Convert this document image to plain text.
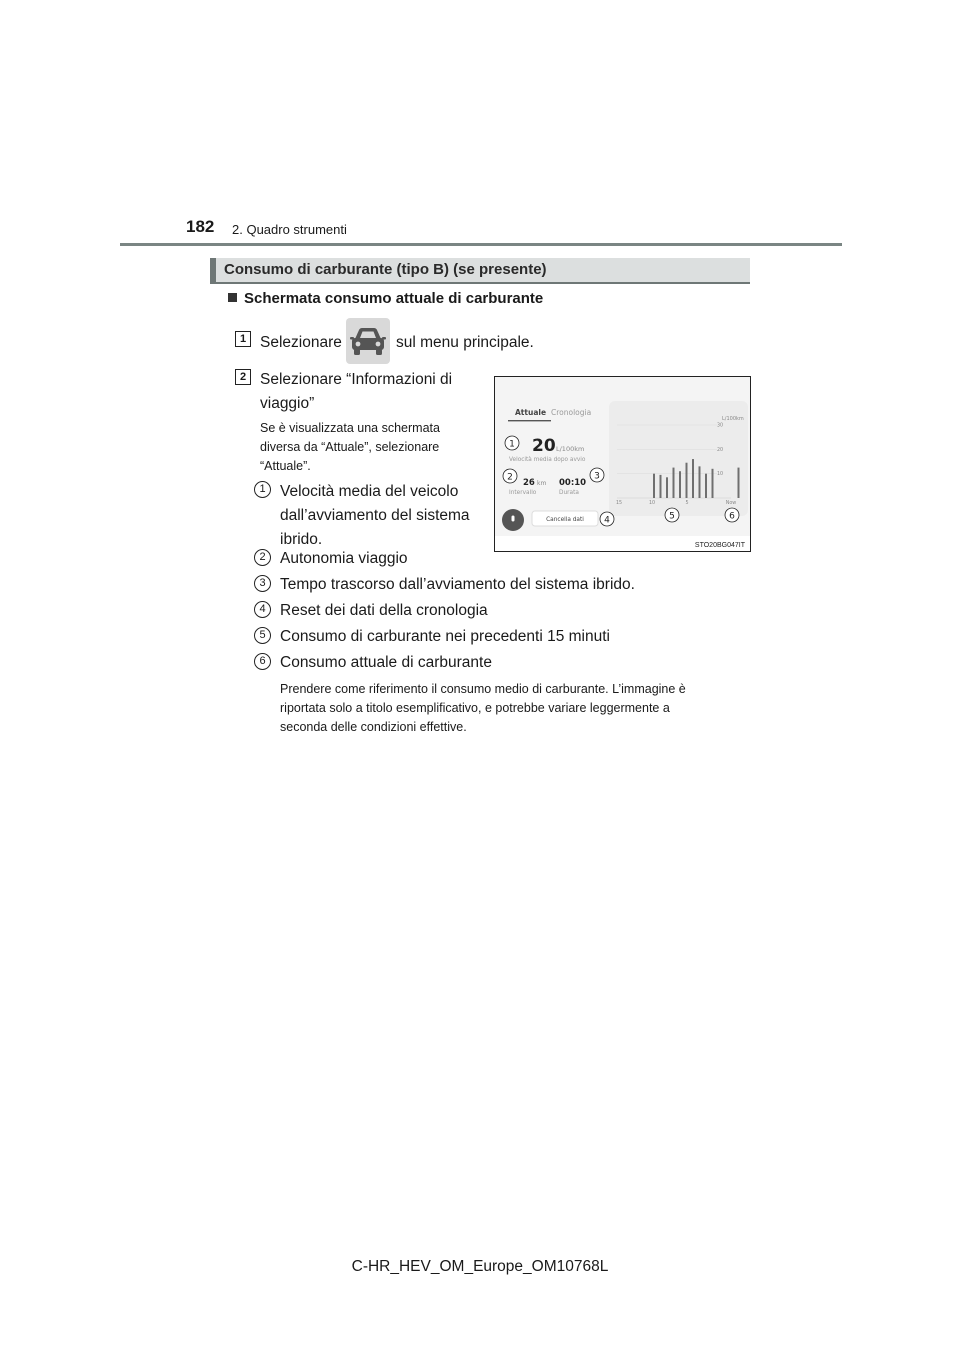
182 2. Quadro strumenti
Consumo di carburante (tipo B) (se presente)
Schermata consumo attuale di carburante
1 Selezionare	sul menu principale.
2 Selezionare “Informazioni di
viaggio”
Se è visualizzata una schermata
diversa da “Attuale”, selezionare
“Attuale”.
1 Velocità media del veicolo
dall’avviamento del sistema
ibrido.
2 Autonomia viaggio
3 Tempo trascorso dall’avviamento del sistema ibrido.
4 Reset dei dati della cronologia
5 Consumo di carburante nei precedenti 15 minuti
6 Consumo attuale di carburante
Prendere come riferimento il consumo medio di carburante. L’immagine è
riportata solo a titolo esemplificativo, e potrebbe variare leggermente a
seconda delle condizioni effettive.
Attuale Cronologia
20 L/100km
Velocità media dopo avvio
26 km
Intervallo
00:10
Durata
Cancella dati
L/100km
30
20
10
15	10	5	Now
1
2	3
4	5	6
STO20BG047IT
C-HR_HEV_OM_Europe_OM10768L
